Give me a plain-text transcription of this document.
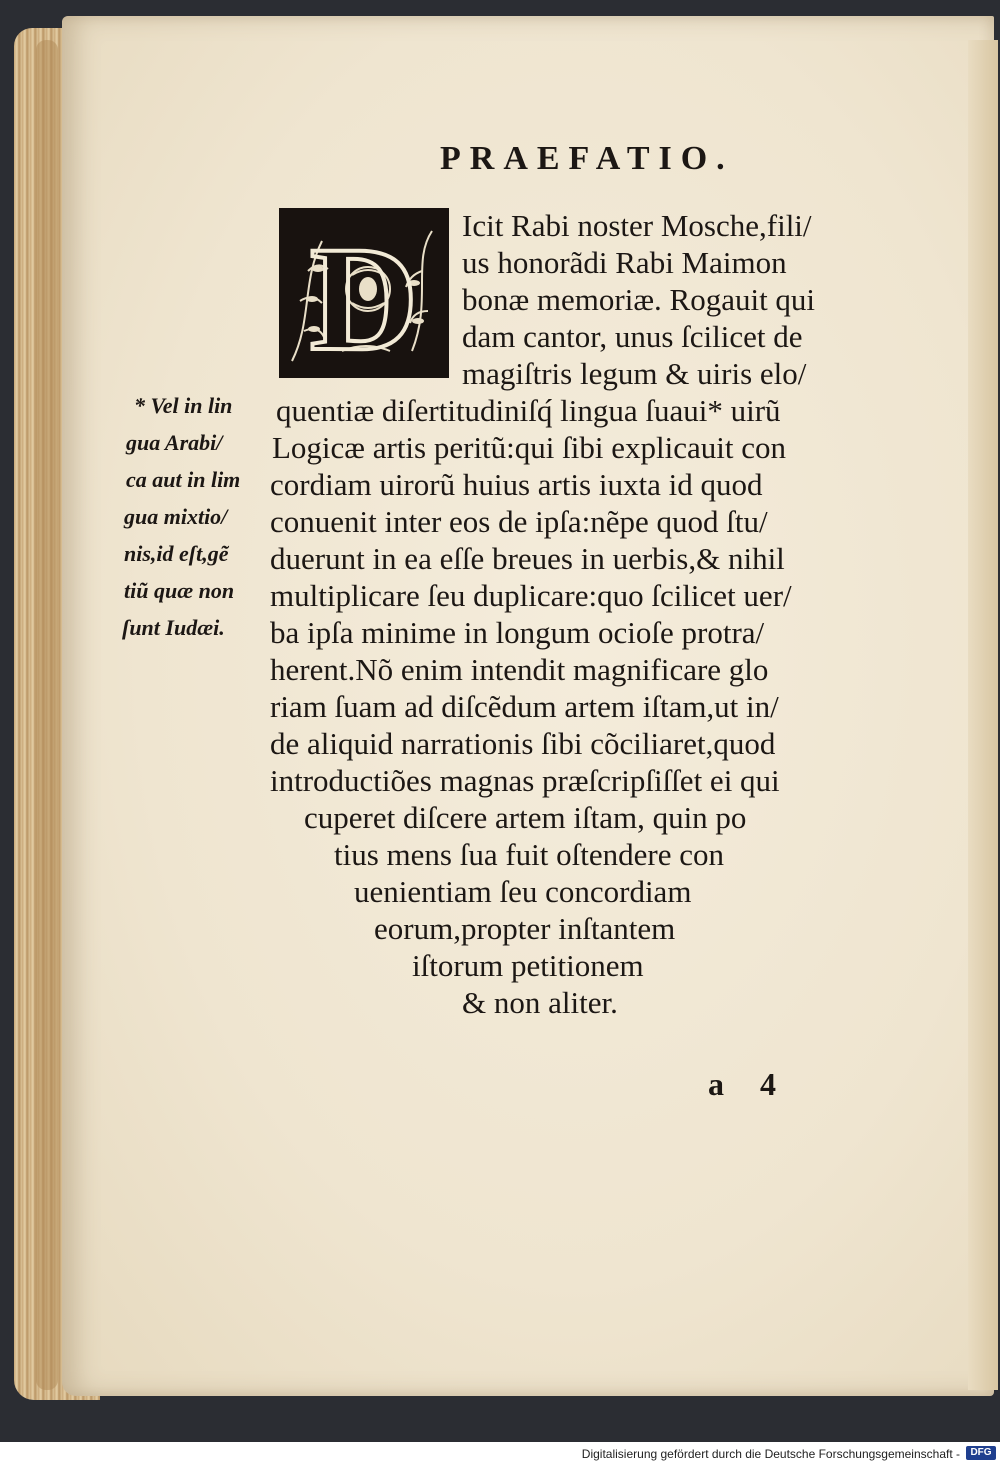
PRAEFATIO.
D Icit Rabi noster Mosche,fili/
us honorãdi Rabi Maimon
bonæ memoriæ. Rogauit qui
dam cantor, unus ſcilicet de
magiſtris legum & uiris elo/
quentiæ diſertitudiniſq́ lingua ſuaui* uirũ
Logicæ artis peritũ:qui ſibi explicauit con
cordiam uirorũ huius artis iuxta id quod
conuenit inter eos de ipſa:nẽpe quod ſtu/
duerunt in ea eſſe breues in uerbis,& nihil
multiplicare ſeu duplicare:quo ſcilicet uer/
ba ipſa minime in longum ocioſe protra/
herent.Nõ enim intendit magnificare glo
riam ſuam ad diſcẽdum artem iſtam,ut in/
de aliquid narrationis ſibi cõciliaret,quod
introductiões magnas præſcripſiſſet ei qui
cuperet diſcere artem iſtam, quin po
tius mens ſua fuit oſtendere con
uenientiam ſeu concordiam
eorum,propter inſtantem
iſtorum petitionem
& non aliter.
* Vel in lin
gua Arabi/
ca aut in lim
gua mixtio/
nis,id eſt,gẽ
tiũ quæ non
ſunt Iudæi.
a 4
Digitalisierung gefördert durch die Deutsche Forschungsgemeinschaft -	DFG
